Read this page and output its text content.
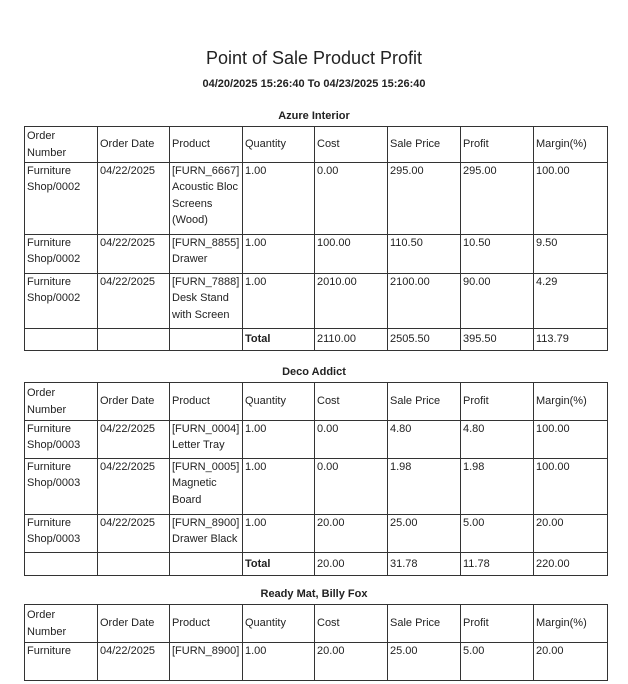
Point of Sale Product Profit
04/20/2025 15:26:40 To 04/23/2025 15:26:40
Azure Interior
Order Number	Order Date	Product	Quantity	Cost	Sale Price	Profit	Margin(%)
Furniture Shop/0002	04/22/2025	[FURN_6667] Acoustic Bloc Screens (Wood)	1.00	0.00	295.00	295.00	100.00
Furniture Shop/0002	04/22/2025	[FURN_8855] Drawer	1.00	100.00	110.50	10.50	9.50
Furniture Shop/0002	04/22/2025	[FURN_7888] Desk Stand with Screen	1.00	2010.00	2100.00	90.00	4.29
			Total	2110.00	2505.50	395.50	113.79
Deco Addict
Order Number	Order Date	Product	Quantity	Cost	Sale Price	Profit	Margin(%)
Furniture Shop/0003	04/22/2025	[FURN_0004] Letter Tray	1.00	0.00	4.80	4.80	100.00
Furniture Shop/0003	04/22/2025	[FURN_0005] Magnetic Board	1.00	0.00	1.98	1.98	100.00
Furniture Shop/0003	04/22/2025	[FURN_8900] Drawer Black	1.00	20.00	25.00	5.00	20.00
			Total	20.00	31.78	11.78	220.00
Ready Mat, Billy Fox
Order Number	Order Date	Product	Quantity	Cost	Sale Price	Profit	Margin(%)
Furniture	04/22/2025	[FURN_8900]	1.00	20.00	25.00	5.00	20.00
